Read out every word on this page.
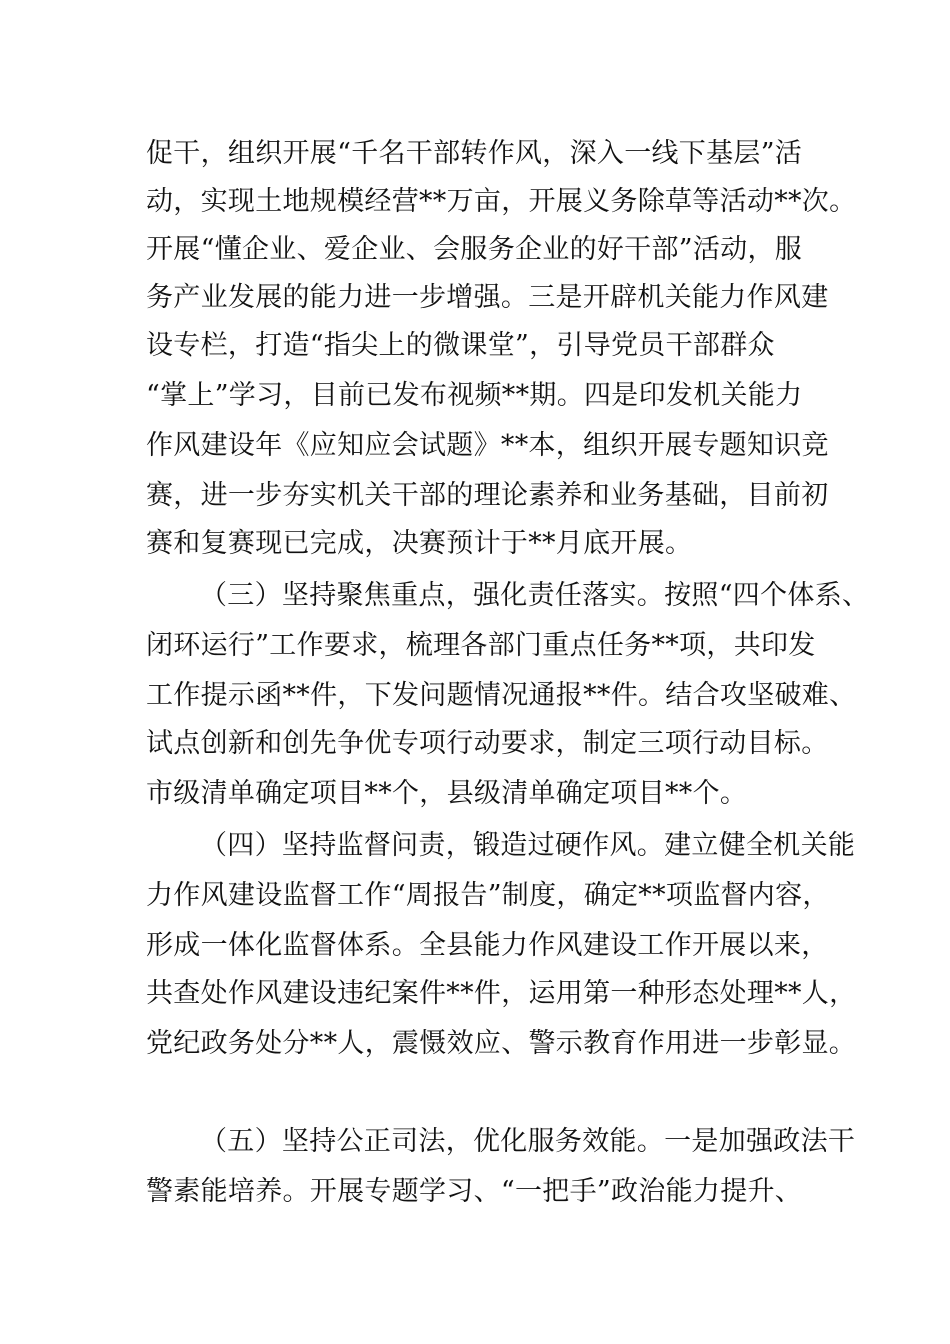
促干，组织开展“千名干部转作风，深入一线下基层”活
动，实现土地规模经营**万亩，开展义务除草等活动**次。
开展“懂企业、爱企业、会服务企业的好干部”活动，服
务产业发展的能力进一步增强。三是开辟机关能力作风建
设专栏，打造“指尖上的微课堂”，引导党员干部群众
“掌上”学习，目前已发布视频**期。四是印发机关能力
作风建设年《应知应会试题》**本，组织开展专题知识竞
赛，进一步夯实机关干部的理论素养和业务基础，目前初
赛和复赛现已完成，决赛预计于**月底开展。
（三）坚持聚焦重点，强化责任落实。按照“四个体系、
闭环运行”工作要求，梳理各部门重点任务**项，共印发
工作提示函**件，下发问题情况通报**件。结合攻坚破难、
试点创新和创先争优专项行动要求，制定三项行动目标。
市级清单确定项目**个，县级清单确定项目**个。
（四）坚持监督问责，锻造过硬作风。建立健全机关能
力作风建设监督工作“周报告”制度，确定**项监督内容，
形成一体化监督体系。全县能力作风建设工作开展以来，
共查处作风建设违纪案件**件，运用第一种形态处理**人，
党纪政务处分**人，震慑效应、警示教育作用进一步彰显。
（五）坚持公正司法，优化服务效能。一是加强政法干
警素能培养。开展专题学习、“一把手”政治能力提升、
